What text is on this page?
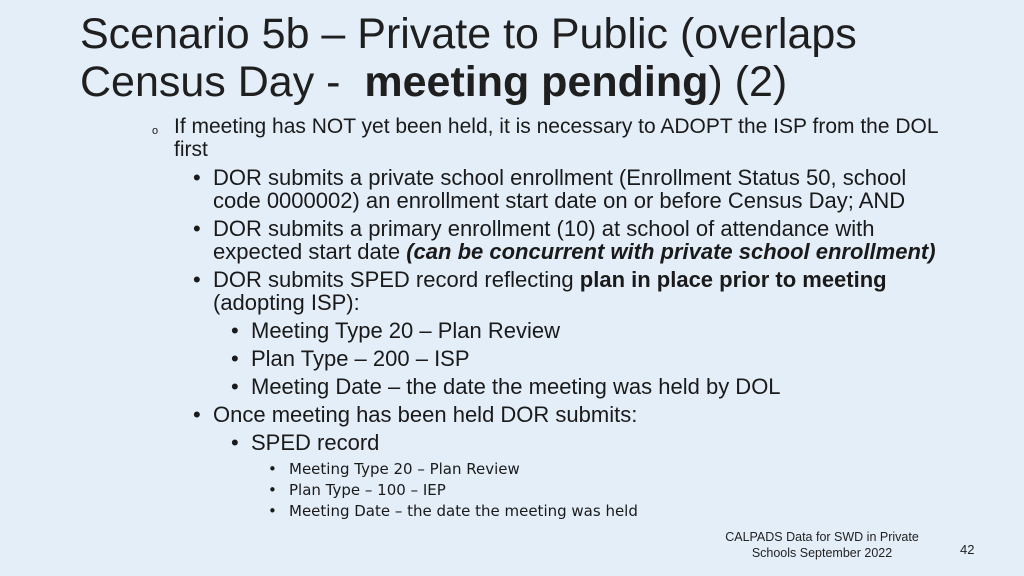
Scenario 5b – Private to Public (overlaps
Census Day -  meeting pending) (2)
o If meeting has NOT yet been held, it is necessary to ADOPT the ISP from the DOL first
• DOR submits a private school enrollment (Enrollment Status 50, school code 0000002) an enrollment start date on or before Census Day; AND
• DOR submits a primary enrollment (10) at school of attendance with expected start date (can be concurrent with private school enrollment)
• DOR submits SPED record reflecting plan in place prior to meeting (adopting ISP):
• Meeting Type 20 – Plan Review
• Plan Type – 200 – ISP
• Meeting Date – the date the meeting was held by DOL
• Once meeting has been held DOR submits:
• SPED record
• Meeting Type 20 – Plan Review
• Plan Type – 100 – IEP
• Meeting Date – the date the meeting was held
CALPADS Data for SWD in Private
Schools September 2022	42
